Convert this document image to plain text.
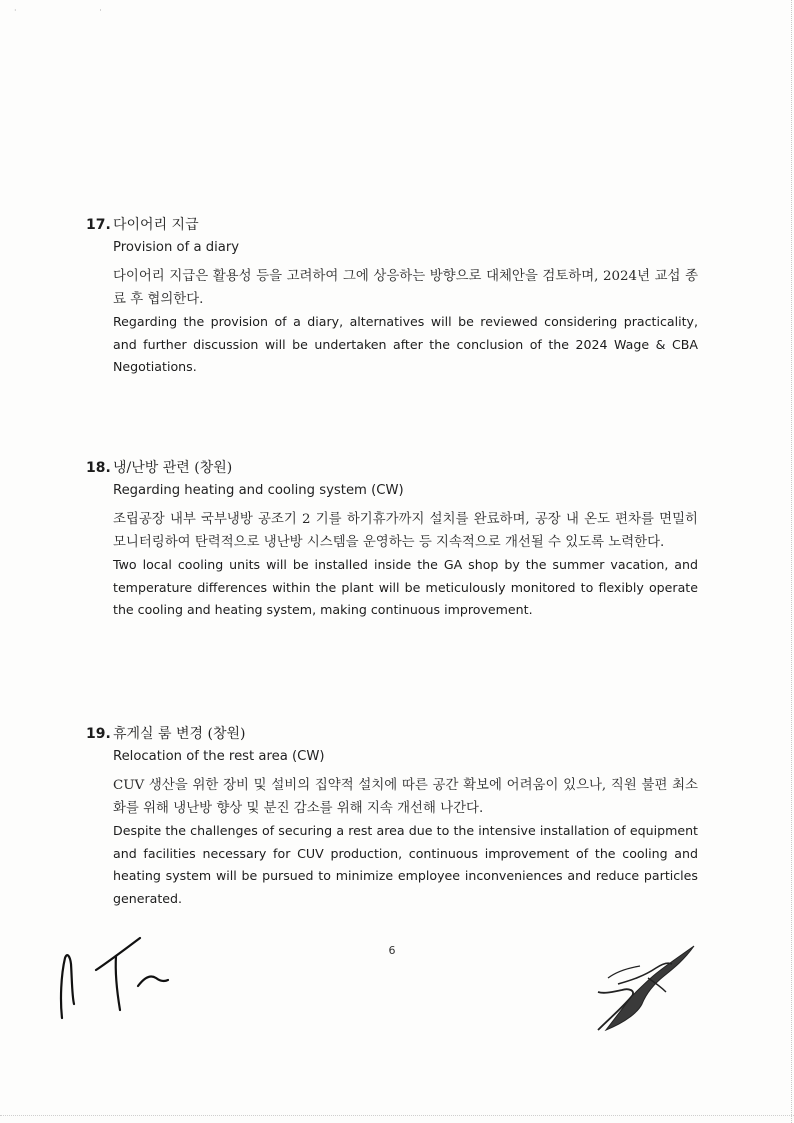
· ·
17. 다이어리 지급
Provision of a diary
다이어리 지급은 활용성 등을 고려하여 그에 상응하는 방향으로 대체안을 검토하며, 2024년 교섭 종료 후 협의한다.
Regarding the provision of a diary, alternatives will be reviewed considering practicality, and further discussion will be undertaken after the conclusion of the 2024 Wage & CBA Negotiations.
18. 냉/난방 관련 (창원)
Regarding heating and cooling system (CW)
조립공장 내부 국부냉방 공조기 2 기를 하기휴가까지 설치를 완료하며, 공장 내 온도 편차를 면밀히 모니터링하여 탄력적으로 냉난방 시스템을 운영하는 등 지속적으로 개선될 수 있도록 노력한다.
Two local cooling units will be installed inside the GA shop by the summer vacation, and temperature differences within the plant will be meticulously monitored to flexibly operate the cooling and heating system, making continuous improvement.
19. 휴게실 룸 변경 (창원)
Relocation of the rest area (CW)
CUV 생산을 위한 장비 및 설비의 집약적 설치에 따른 공간 확보에 어려움이 있으나, 직원 불편 최소화를 위해 냉난방 향상 및 분진 감소를 위해 지속 개선해 나간다.
Despite the challenges of securing a rest area due to the intensive installation of equipment and facilities necessary for CUV production, continuous improvement of the cooling and heating system will be pursued to minimize employee inconveniences and reduce particles generated.
6
